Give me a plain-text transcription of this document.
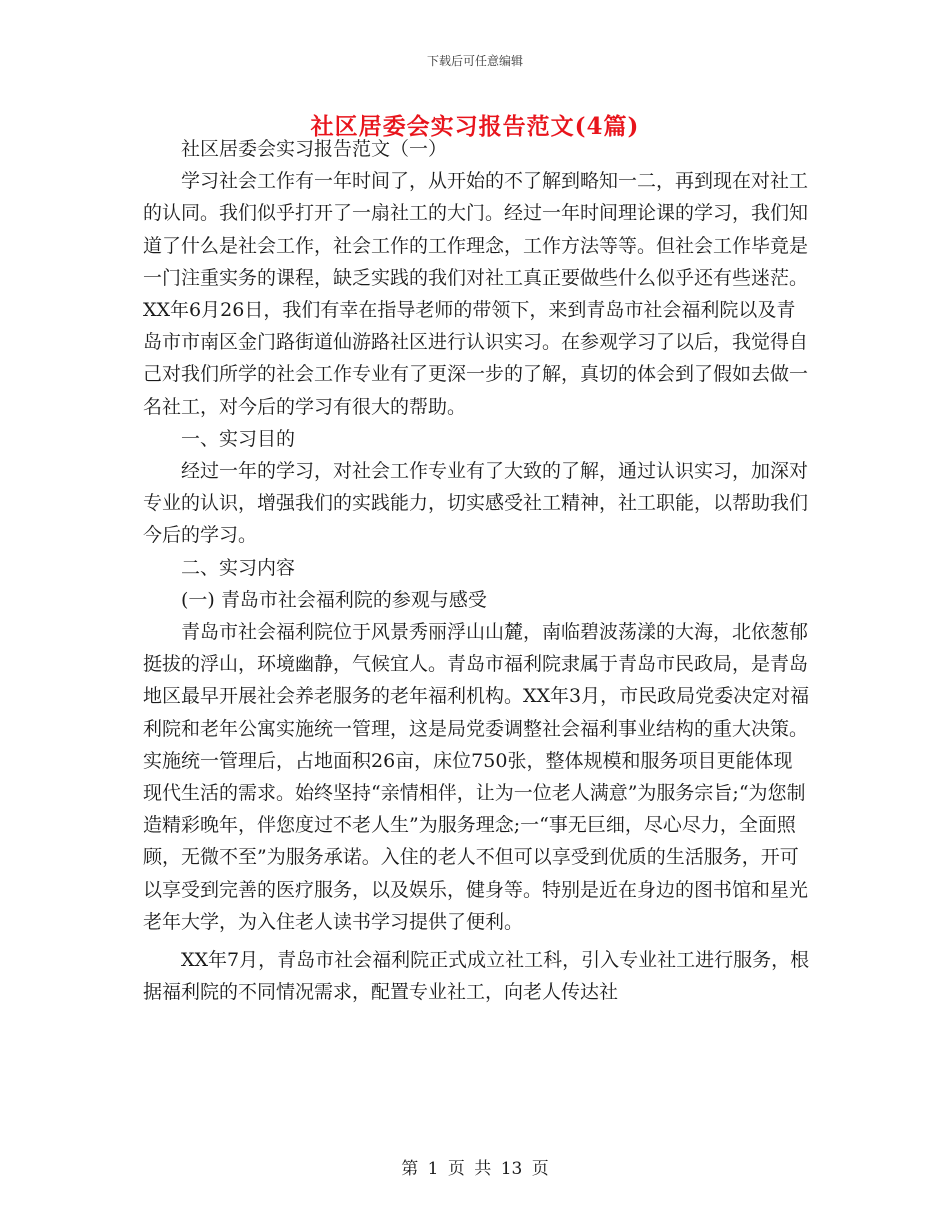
下载后可任意编辑
社区居委会实习报告范文(4篇)

社区居委会实习报告范文（一）

学习社会工作有一年时间了，从开始的不了解到略知一二，再到现在对社工的认同。我们似乎打开了一扇社工的大门。经过一年时间理论课的学习，我们知道了什么是社会工作，社会工作的工作理念，工作方法等等。但社会工作毕竟是一门注重实务的课程，缺乏实践的我们对社工真正要做些什么似乎还有些迷茫。XX年6月26日，我们有幸在指导老师的带领下，来到青岛市社会福利院以及青岛市市南区金门路街道仙游路社区进行认识实习。在参观学习了以后，我觉得自己对我们所学的社会工作专业有了更深一步的了解，真切的体会到了假如去做一名社工，对今后的学习有很大的帮助。

一、实习目的

经过一年的学习，对社会工作专业有了大致的了解，通过认识实习，加深对专业的认识，增强我们的实践能力，切实感受社工精神，社工职能，以帮助我们今后的学习。

二、实习内容

(一) 青岛市社会福利院的参观与感受

青岛市社会福利院位于风景秀丽浮山山麓，南临碧波荡漾的大海，北依葱郁挺拔的浮山，环境幽静，气候宜人。青岛市福利院隶属于青岛市民政局，是青岛地区最早开展社会养老服务的老年福利机构。XX年3月，市民政局党委决定对福利院和老年公寓实施统一管理，这是局党委调整社会福利事业结构的重大决策。实施统一管理后，占地面积26亩，床位750张，整体规模和服务项目更能体现现代生活的需求。始终坚持“亲情相伴，让为一位老人满意”为服务宗旨;“为您制造精彩晚年，伴您度过不老人生”为服务理念;一“事无巨细，尽心尽力，全面照顾，无微不至”为服务承诺。入住的老人不但可以享受到优质的生活服务，开可以享受到完善的医疗服务，以及娱乐，健身等。特别是近在身边的图书馆和星光老年大学，为入住老人读书学习提供了便利。

XX年7月，青岛市社会福利院正式成立社工科，引入专业社工进行服务，根据福利院的不同情况需求，配置专业社工，向老人传达社

第 1 页 共 13 页
